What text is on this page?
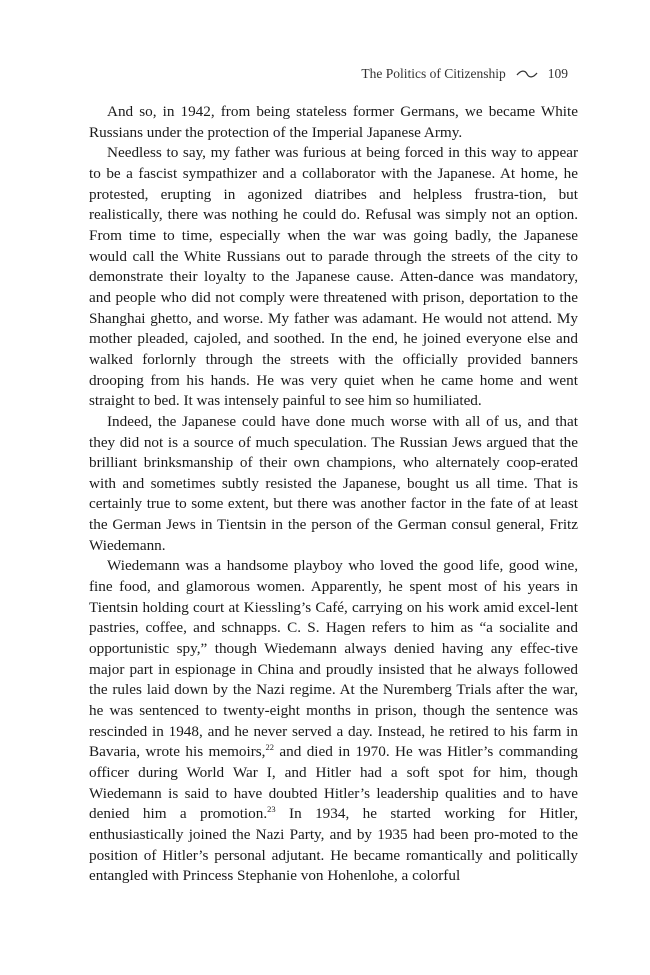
The Politics of Citizenship	109

And so, in 1942, from being stateless former Germans, we became White Russians under the protection of the Imperial Japanese Army.

Needless to say, my father was furious at being forced in this way to appear to be a fascist sympathizer and a collaborator with the Japanese. At home, he protested, erupting in agonized diatribes and helpless frustra-tion, but realistically, there was nothing he could do. Refusal was simply not an option. From time to time, especially when the war was going badly, the Japanese would call the White Russians out to parade through the streets of the city to demonstrate their loyalty to the Japanese cause. Atten-dance was mandatory, and people who did not comply were threatened with prison, deportation to the Shanghai ghetto, and worse. My father was adamant. He would not attend. My mother pleaded, cajoled, and soothed. In the end, he joined everyone else and walked forlornly through the streets with the officially provided banners drooping from his hands. He was very quiet when he came home and went straight to bed. It was intensely painful to see him so humiliated.

Indeed, the Japanese could have done much worse with all of us, and that they did not is a source of much speculation. The Russian Jews argued that the brilliant brinksmanship of their own champions, who alternately coop-erated with and sometimes subtly resisted the Japanese, bought us all time. That is certainly true to some extent, but there was another factor in the fate of at least the German Jews in Tientsin in the person of the German consul general, Fritz Wiedemann.

Wiedemann was a handsome playboy who loved the good life, good wine, fine food, and glamorous women. Apparently, he spent most of his years in Tientsin holding court at Kiessling’s Café, carrying on his work amid excel-lent pastries, coffee, and schnapps. C. S. Hagen refers to him as “a socialite and opportunistic spy,” though Wiedemann always denied having any effec-tive major part in espionage in China and proudly insisted that he always followed the rules laid down by the Nazi regime. At the Nuremberg Trials after the war, he was sentenced to twenty-eight months in prison, though the sentence was rescinded in 1948, and he never served a day. Instead, he retired to his farm in Bavaria, wrote his memoirs,$^{22}$ and died in 1970. He was Hitler’s commanding officer during World War I, and Hitler had a soft spot for him, though Wiedemann is said to have doubted Hitler’s leadership qualities and to have denied him a promotion.$^{23}$ In 1934, he started working for Hitler, enthusiastically joined the Nazi Party, and by 1935 had been pro-moted to the position of Hitler’s personal adjutant. He became romantically and politically entangled with Princess Stephanie von Hohenlohe, a colorful
